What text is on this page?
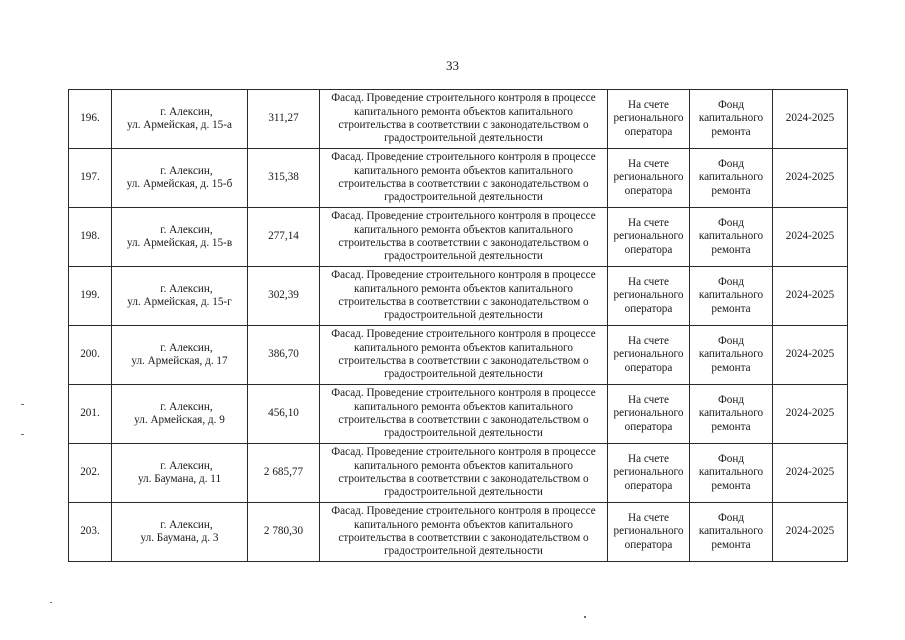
33
196.	г. Алексин,
ул. Армейская, д. 15-а	311,27	Фасад. Проведение строительного контроля в процессе
капитального ремонта объектов капитального
строительства в соответствии с законодательством о
градостроительной деятельности	На счете
регионального
оператора	Фонд
капитального
ремонта	2024-2025
197.	г. Алексин,
ул. Армейская, д. 15-б	315,38	Фасад. Проведение строительного контроля в процессе
капитального ремонта объектов капитального
строительства в соответствии с законодательством о
градостроительной деятельности	На счете
регионального
оператора	Фонд
капитального
ремонта	2024-2025
198.	г. Алексин,
ул. Армейская, д. 15-в	277,14	Фасад. Проведение строительного контроля в процессе
капитального ремонта объектов капитального
строительства в соответствии с законодательством о
градостроительной деятельности	На счете
регионального
оператора	Фонд
капитального
ремонта	2024-2025
199.	г. Алексин,
ул. Армейская, д. 15-г	302,39	Фасад. Проведение строительного контроля в процессе
капитального ремонта объектов капитального
строительства в соответствии с законодательством о
градостроительной деятельности	На счете
регионального
оператора	Фонд
капитального
ремонта	2024-2025
200.	г. Алексин,
ул. Армейская, д. 17	386,70	Фасад. Проведение строительного контроля в процессе
капитального ремонта объектов капитального
строительства в соответствии с законодательством о
градостроительной деятельности	На счете
регионального
оператора	Фонд
капитального
ремонта	2024-2025
201.	г. Алексин,
ул. Армейская, д. 9	456,10	Фасад. Проведение строительного контроля в процессе
капитального ремонта объектов капитального
строительства в соответствии с законодательством о
градостроительной деятельности	На счете
регионального
оператора	Фонд
капитального
ремонта	2024-2025
202.	г. Алексин,
ул. Баумана, д. 11	2 685,77	Фасад. Проведение строительного контроля в процессе
капитального ремонта объектов капитального
строительства в соответствии с законодательством о
градостроительной деятельности	На счете
регионального
оператора	Фонд
капитального
ремонта	2024-2025
203.	г. Алексин,
ул. Баумана, д. 3	2 780,30	Фасад. Проведение строительного контроля в процессе
капитального ремонта объектов капитального
строительства в соответствии с законодательством о
градостроительной деятельности	На счете
регионального
оператора	Фонд
капитального
ремонта	2024-2025
